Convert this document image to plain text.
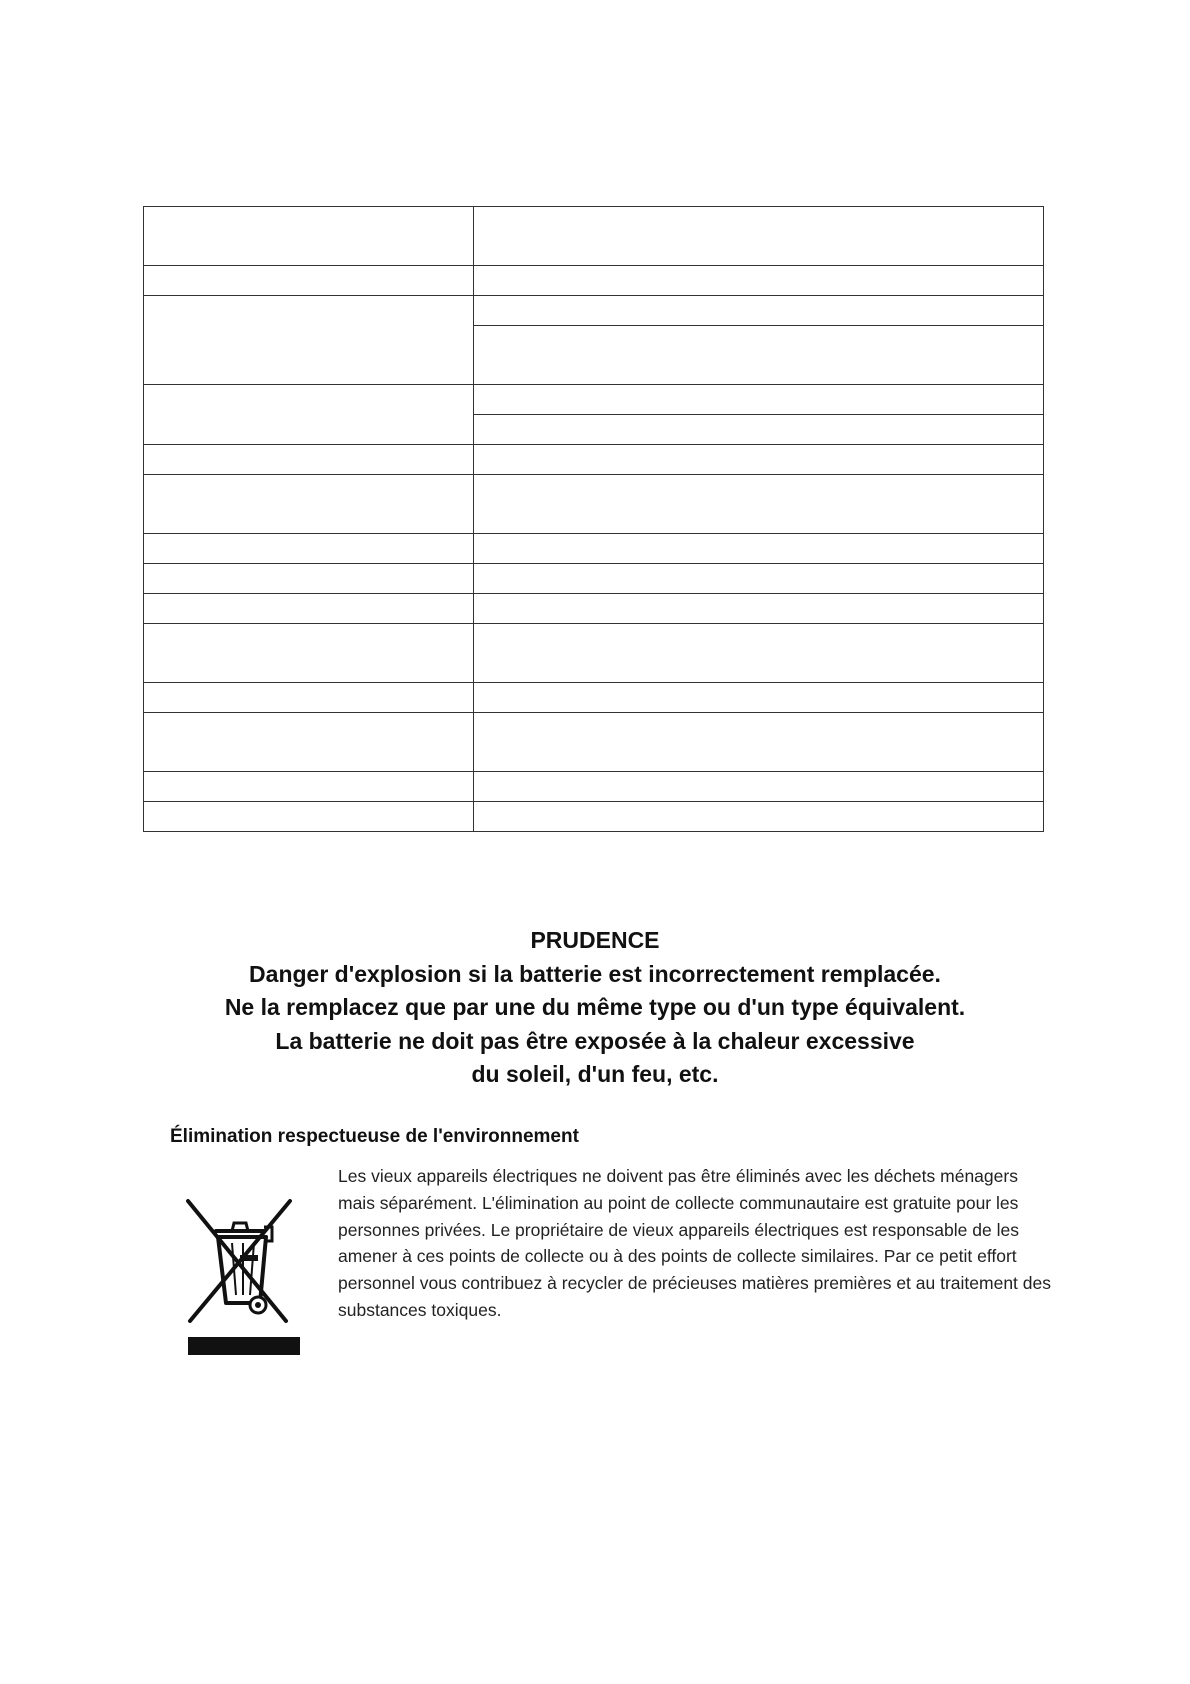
PRUDENCE

Danger d'explosion si la batterie est incorrectement remplacée.

Ne la remplacez que par une du même type ou d'un type équivalent.

La batterie ne doit pas être exposée à la chaleur excessive

du soleil, d'un feu, etc.

Élimination respectueuse de l'environnement

Les vieux appareils électriques ne doivent pas être éliminés avec les déchets ménagers mais séparément. L'élimination au point de collecte communautaire est gratuite pour les personnes privées. Le propriétaire de vieux appareils électriques est responsable de les amener à ces points de collecte ou à des points de collecte similaires. Par ce petit effort personnel vous contribuez à recycler de précieuses matières premières et au traitement des substances toxiques.
